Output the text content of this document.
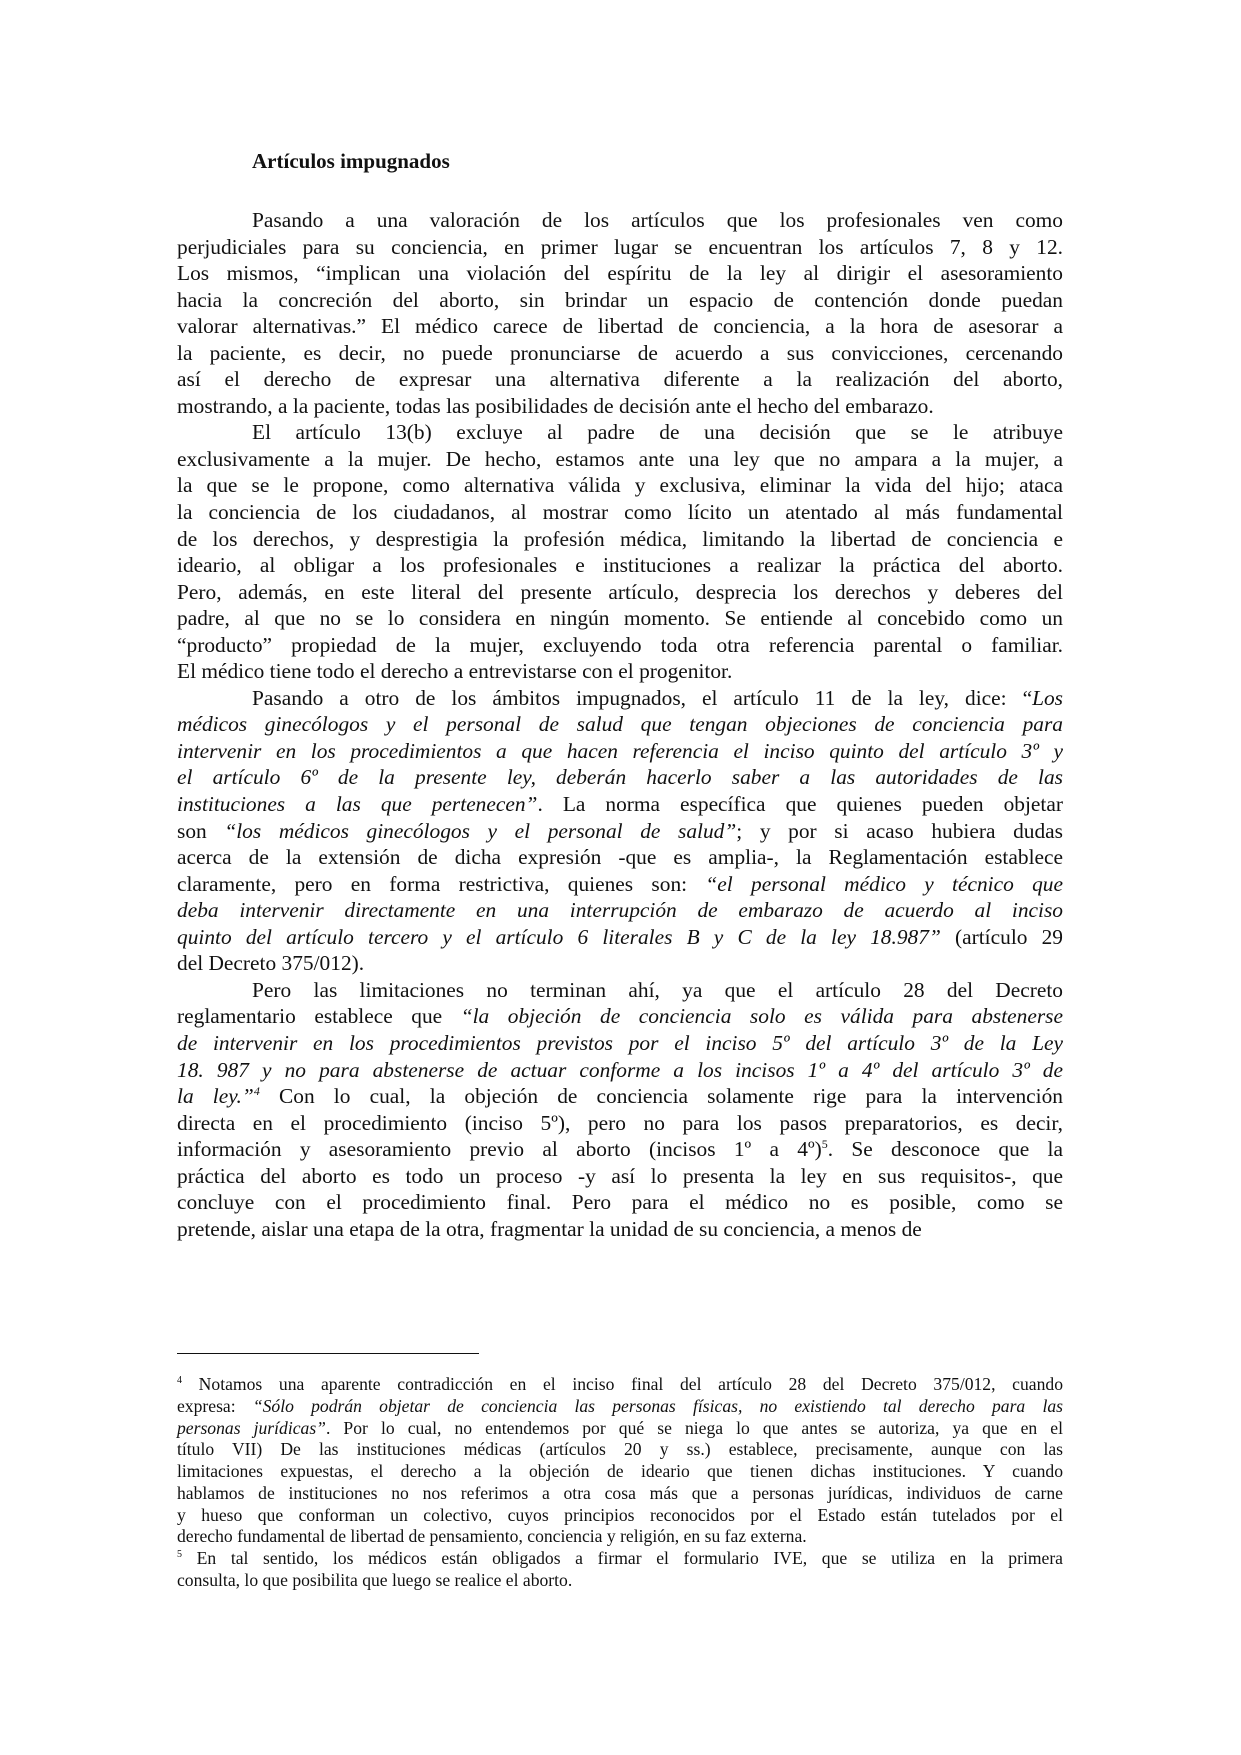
Artículos impugnados
Pasando a una valoración de los artículos que los profesionales ven como
perjudiciales para su conciencia, en primer lugar se encuentran los artículos 7, 8 y 12.
Los mismos, “implican una violación del espíritu de la ley al dirigir el asesoramiento
hacia la concreción del aborto, sin brindar un espacio de contención donde puedan
valorar alternativas.” El médico carece de libertad de conciencia, a la hora de asesorar a
la paciente, es decir, no puede pronunciarse de acuerdo a sus convicciones, cercenando
así el derecho de expresar una alternativa diferente a la realización del aborto,
mostrando, a la paciente, todas las posibilidades de decisión ante el hecho del embarazo.
El artículo 13(b) excluye al padre de una decisión que se le atribuye
exclusivamente a la mujer. De hecho, estamos ante una ley que no ampara a la mujer, a
la que se le propone, como alternativa válida y exclusiva, eliminar la vida del hijo; ataca
la conciencia de los ciudadanos, al mostrar como lícito un atentado al más fundamental
de los derechos, y desprestigia la profesión médica, limitando la libertad de conciencia e
ideario, al obligar a los profesionales e instituciones a realizar la práctica del aborto.
Pero, además, en este literal del presente artículo, desprecia los derechos y deberes del
padre, al que no se lo considera en ningún momento. Se entiende al concebido como un
“producto” propiedad de la mujer, excluyendo toda otra referencia parental o familiar.
El médico tiene todo el derecho a entrevistarse con el progenitor.
Pasando a otro de los ámbitos impugnados, el artículo 11 de la ley, dice: “Los
médicos ginecólogos y el personal de salud que tengan objeciones de conciencia para
intervenir en los procedimientos a que hacen referencia el inciso quinto del artículo 3º y
el artículo 6º de la presente ley, deberán hacerlo saber a las autoridades de las
instituciones a las que pertenecen”. La norma específica que quienes pueden objetar
son “los médicos ginecólogos y el personal de salud”; y por si acaso hubiera dudas
acerca de la extensión de dicha expresión -que es amplia-, la Reglamentación establece
claramente, pero en forma restrictiva, quienes son: “el personal médico y técnico que
deba intervenir directamente en una interrupción de embarazo de acuerdo al inciso
quinto del artículo tercero y el artículo 6 literales B y C de la ley 18.987” (artículo 29
del Decreto 375/012).
Pero las limitaciones no terminan ahí, ya que el artículo 28 del Decreto
reglamentario establece que “la objeción de conciencia solo es válida para abstenerse
de intervenir en los procedimientos previstos por el inciso 5º del artículo 3º de la Ley
18. 987 y no para abstenerse de actuar conforme a los incisos 1º a 4º del artículo 3º de
la ley.”$^4$ Con lo cual, la objeción de conciencia solamente rige para la intervención
directa en el procedimiento (inciso 5º), pero no para los pasos preparatorios, es decir,
información y asesoramiento previo al aborto (incisos 1º a 4º)$^5$. Se desconoce que la
práctica del aborto es todo un proceso -y así lo presenta la ley en sus requisitos-, que
concluye con el procedimiento final. Pero para el médico no es posible, como se
pretende, aislar una etapa de la otra, fragmentar la unidad de su conciencia, a menos de
$^4$ Notamos una aparente contradicción en el inciso final del artículo 28 del Decreto 375/012, cuando
expresa: “Sólo podrán objetar de conciencia las personas físicas, no existiendo tal derecho para las
personas jurídicas”. Por lo cual, no entendemos por qué se niega lo que antes se autoriza, ya que en el
título VII) De las instituciones médicas (artículos 20 y ss.) establece, precisamente, aunque con las
limitaciones expuestas, el derecho a la objeción de ideario que tienen dichas instituciones. Y cuando
hablamos de instituciones no nos referimos a otra cosa más que a personas jurídicas, individuos de carne
y hueso que conforman un colectivo, cuyos principios reconocidos por el Estado están tutelados por el
derecho fundamental de libertad de pensamiento, conciencia y religión, en su faz externa.
$^5$ En tal sentido, los médicos están obligados a firmar el formulario IVE, que se utiliza en la primera
consulta, lo que posibilita que luego se realice el aborto.
